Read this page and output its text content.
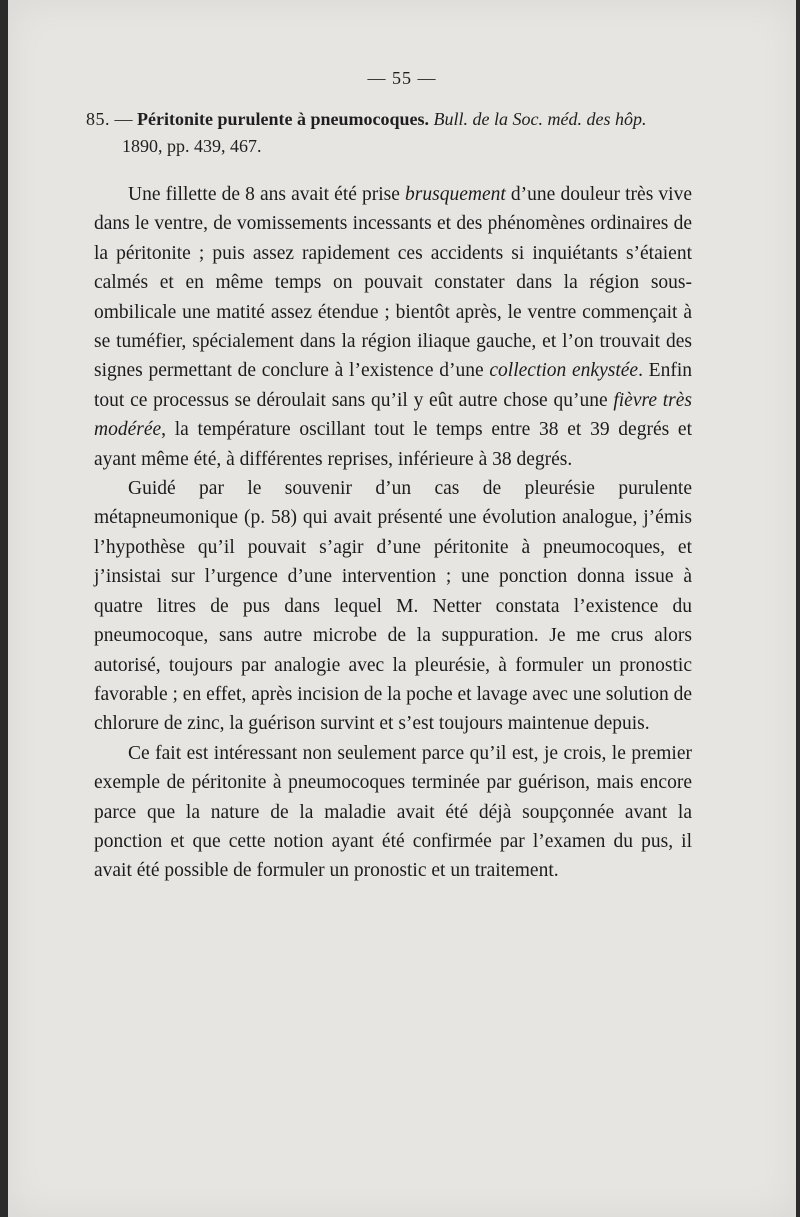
— 55 —
85. — Péritonite purulente à pneumocoques. Bull. de la Soc. méd. des hôp.
1890, pp. 439, 467.

Une fillette de 8 ans avait été prise brusquement d’une douleur très vive dans le ventre, de vomissements incessants et des phénomènes ordinaires de la péritonite ; puis assez rapidement ces accidents si inquiétants s’étaient calmés et en même temps on pouvait constater dans la région sous-ombilicale une matité assez étendue ; bientôt après, le ventre commençait à se tuméfier, spécialement dans la région iliaque gauche, et l’on trouvait des signes permettant de conclure à l’existence d’une collection enkystée. Enfin tout ce processus se déroulait sans qu’il y eût autre chose qu’une fièvre très modérée, la température oscillant tout le temps entre 38 et 39 degrés et ayant même été, à différentes reprises, inférieure à 38 degrés.

Guidé par le souvenir d’un cas de pleurésie purulente métapneumonique (p. 58) qui avait présenté une évolution analogue, j’émis l’hypothèse qu’il pouvait s’agir d’une péritonite à pneumocoques, et j’insistai sur l’urgence d’une intervention ; une ponction donna issue à quatre litres de pus dans lequel M. Netter constata l’existence du pneumocoque, sans autre microbe de la suppuration. Je me crus alors autorisé, toujours par analogie avec la pleurésie, à formuler un pronostic favorable ; en effet, après incision de la poche et lavage avec une solution de chlorure de zinc, la guérison survint et s’est toujours maintenue depuis.

Ce fait est intéressant non seulement parce qu’il est, je crois, le premier exemple de péritonite à pneumocoques terminée par guérison, mais encore parce que la nature de la maladie avait été déjà soupçonnée avant la ponction et que cette notion ayant été confirmée par l’examen du pus, il avait été possible de formuler un pronostic et un traitement.
